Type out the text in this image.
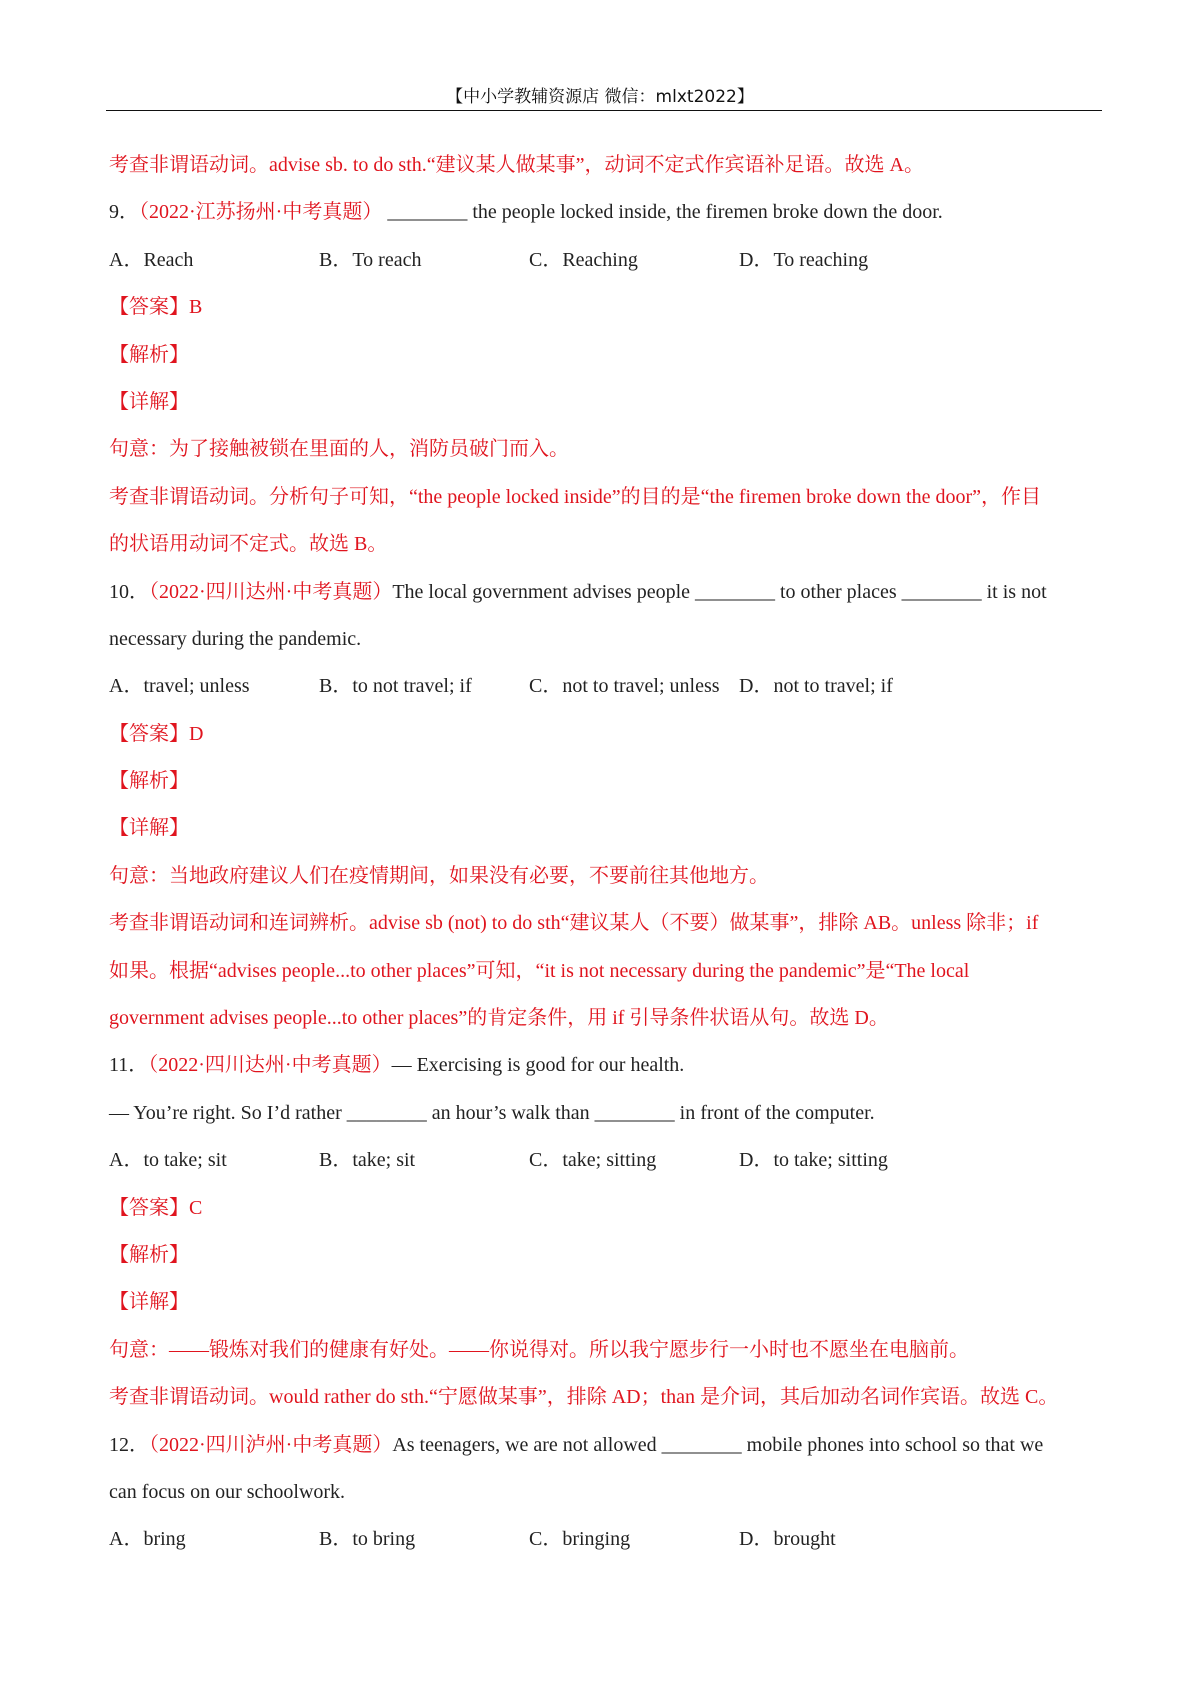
【中小学教辅资源店 微信：mlxt2022】
考查非谓语动词。advise sb. to do sth.“建议某人做某事”，动词不定式作宾语补足语。故选 A。
9．（2022·江苏扬州·中考真题） ________ the people locked inside, the firemen broke down the door.
A．Reach	B．To reach	C．Reaching	D．To reaching
【答案】B
【解析】
【详解】
句意：为了接触被锁在里面的人，消防员破门而入。
考查非谓语动词。分析句子可知，“the people locked inside”的目的是“the firemen broke down the door”，作目
的状语用动词不定式。故选 B。
10．（2022·四川达州·中考真题）The local government advises people ________ to other places ________ it is not
necessary during the pandemic.
A．travel; unless	B．to not travel; if	C．not to travel; unless D．not to travel; if
【答案】D
【解析】
【详解】
句意：当地政府建议人们在疫情期间，如果没有必要，不要前往其他地方。
考查非谓语动词和连词辨析。advise sb (not) to do sth“建议某人（不要）做某事”，排除 AB。unless 除非；if
如果。根据“advises people...to other places”可知，“it is not necessary during the pandemic”是“The local
government advises people...to other places”的肯定条件，用 if 引导条件状语从句。故选 D。
11．（2022·四川达州·中考真题）— Exercising is good for our health.
— You’re right. So I’d rather ________ an hour’s walk than ________ in front of the computer.
A．to take; sit	B．take; sit	C．take; sitting	D．to take; sitting
【答案】C
【解析】
【详解】
句意：——锻炼对我们的健康有好处。——你说得对。所以我宁愿步行一小时也不愿坐在电脑前。
考查非谓语动词。would rather do sth.“宁愿做某事”，排除 AD；than 是介词，其后加动名词作宾语。故选 C。
12．（2022·四川泸州·中考真题）As teenagers, we are not allowed ________ mobile phones into school so that we
can focus on our schoolwork.
A．bring	B．to bring	C．bringing	D．brought
